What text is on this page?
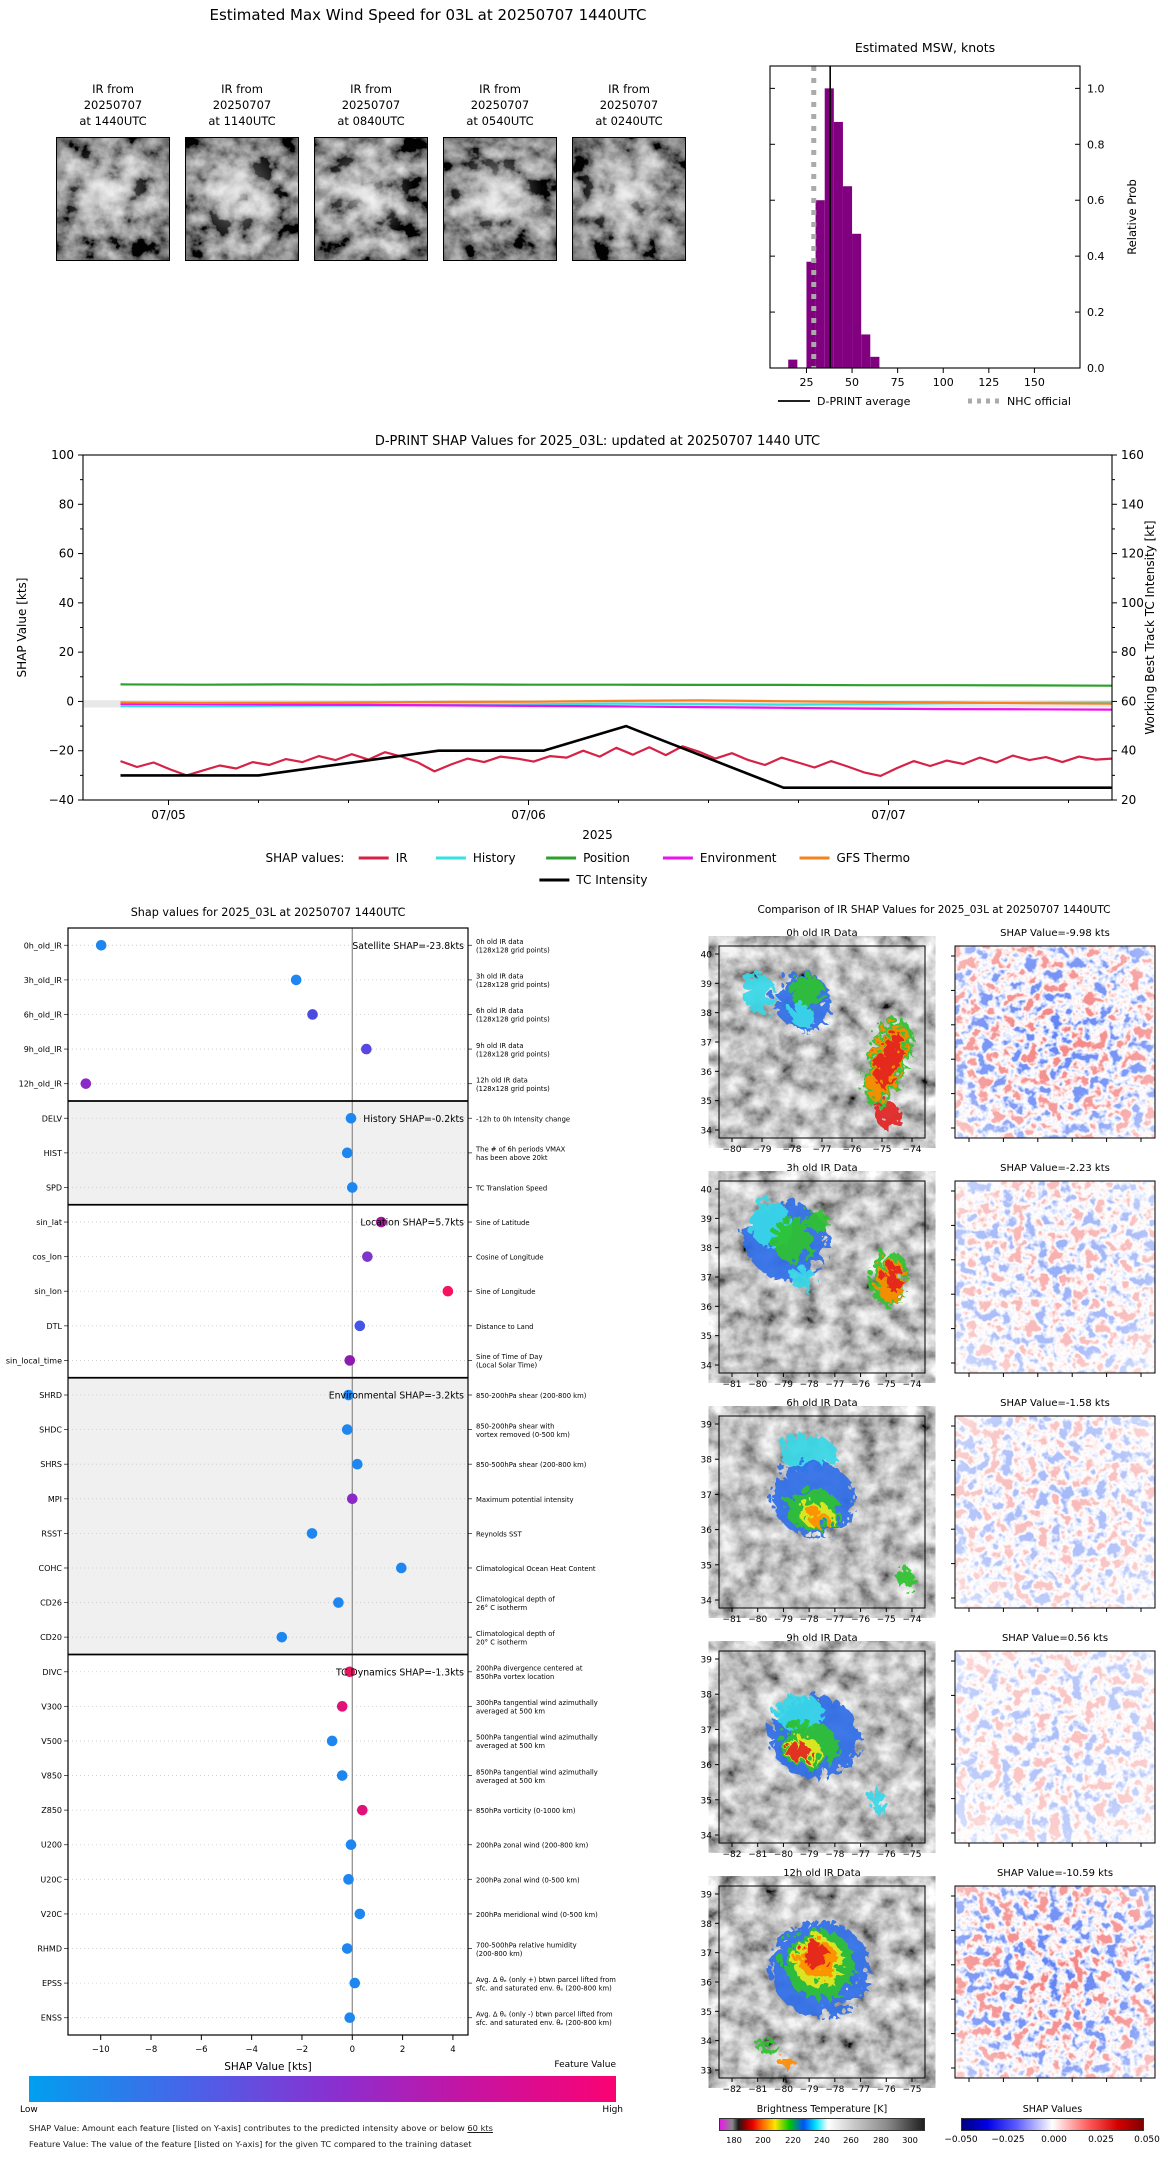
Estimated Max Wind Speed for 03L at 20250707 1440UTC
IR from
20250707
at 1440UTC
IR from
20250707
at 1140UTC
IR from
20250707
at 0840UTC
IR from
20250707
at 0540UTC
IR from
20250707
at 0240UTC
Estimated MSW, knots
0.0
0.2
0.4
0.6
0.8
1.0
25	50	75	100 125 150
Relative Prob
D-PRINT average	NHC official
D-PRINT SHAP Values for 2025_03L: updated at 20250707 1440 UTC
−40
−20
0
20
40
60
80
100
20
40
60
80
100
120
140
160
07/05	07/06	07/07
2025
SHAP Value [kts]	Working Best Track TC Intensity [kt]
SHAP values:	IR	History	Position	Environment	GFS Thermo
TC Intensity
Shap values for 2025_03L at 20250707 1440UTC
0h_old_IR	0h old IR data
(128x128 grid points)
3h_old_IR	3h old IR data
(128x128 grid points)
6h_old_IR	6h old IR data
(128x128 grid points)
9h_old_IR	9h old IR data
(128x128 grid points)
12h_old_IR	12h old IR data
(128x128 grid points)
DELV	-12h to 0h Intensity change
HIST	The # of 6h periods VMAX
has been above 20kt
SPD	TC Translation Speed
sin_lat	Sine of Latitude
cos_lon	Cosine of Longitude
sin_lon	Sine of Longitude
DTL	Distance to Land
sin_local_time	Sine of Time of Day
(Local Solar Time)
SHRD	850-200hPa shear (200-800 km)
SHDC	850-200hPa shear with
vortex removed (0-500 km)
SHRS	850-500hPa shear (200-800 km)
MPI	Maximum potential intensity
RSST	Reynolds SST
COHC	Climatological Ocean Heat Content
CD26	Climatological depth of
26° C isotherm
CD20	Climatological depth of
20° C isotherm
DIVC	200hPa divergence centered at
850hPa vortex location
V300	300hPa tangential wind azimuthally
averaged at 500 km
V500	500hPa tangential wind azimuthally
averaged at 500 km
V850	850hPa tangential wind azimuthally
averaged at 500 km
Z850	850hPa vorticity (0-1000 km)
U200	200hPa zonal wind (200-800 km)
U20C	200hPa zonal wind (0-500 km)
V20C	200hPa meridional wind (0-500 km)
RHMD	700-500hPa relative humidity
(200-800 km)
EPSS	Avg. Δ θₑ (only +) btwn parcel lifted from
sfc. and saturated env. θₑ (200-800 km)
ENSS	Avg. Δ θₑ (only -) btwn parcel lifted from
sfc. and saturated env. θₑ (200-800 km)
Satellite SHAP=-23.8kts
History SHAP=-0.2kts
Location SHAP=5.7kts
Environmental SHAP=-3.2kts
TC Dynamics SHAP=-1.3kts
−10	−8	−6	−4	−2	0	2	4
SHAP Value [kts]	Feature Value
Low	High
SHAP Value: Amount each feature [listed on Y-axis] contributes to the predicted intensity above or below 60 kts
Feature Value: The value of the feature [listed on Y-axis] for the given TC compared to the training dataset
Comparison of IR SHAP Values for 2025_03L at 20250707 1440UTC
0h old IR Data	SHAP Value=-9.98 kts
40
39
38
37
36
35
34
−80 −79 −78 −77 −76 −75 −74
3h old IR Data	SHAP Value=-2.23 kts
40
39
38
37
36
35
34
−81 −80 −79 −78 −77 −76 −75 −74
6h old IR Data	SHAP Value=-1.58 kts
39
38
37
36
35
34
−81 −80 −79 −78 −77 −76 −75 −74
9h old IR Data	SHAP Value=0.56 kts
39
38
37
36
35
34
−82 −81 −80 −79 −78 −77 −76 −75
12h old IR Data	SHAP Value=-10.59 kts
39
38
37
36
35
34
33
−82 −81 −80 −79 −78 −77 −76 −75
Brightness Temperature [K]
180 200 220 240 260 280 300
SHAP Values
−0.050 −0.025 0.000 0.025 0.050
